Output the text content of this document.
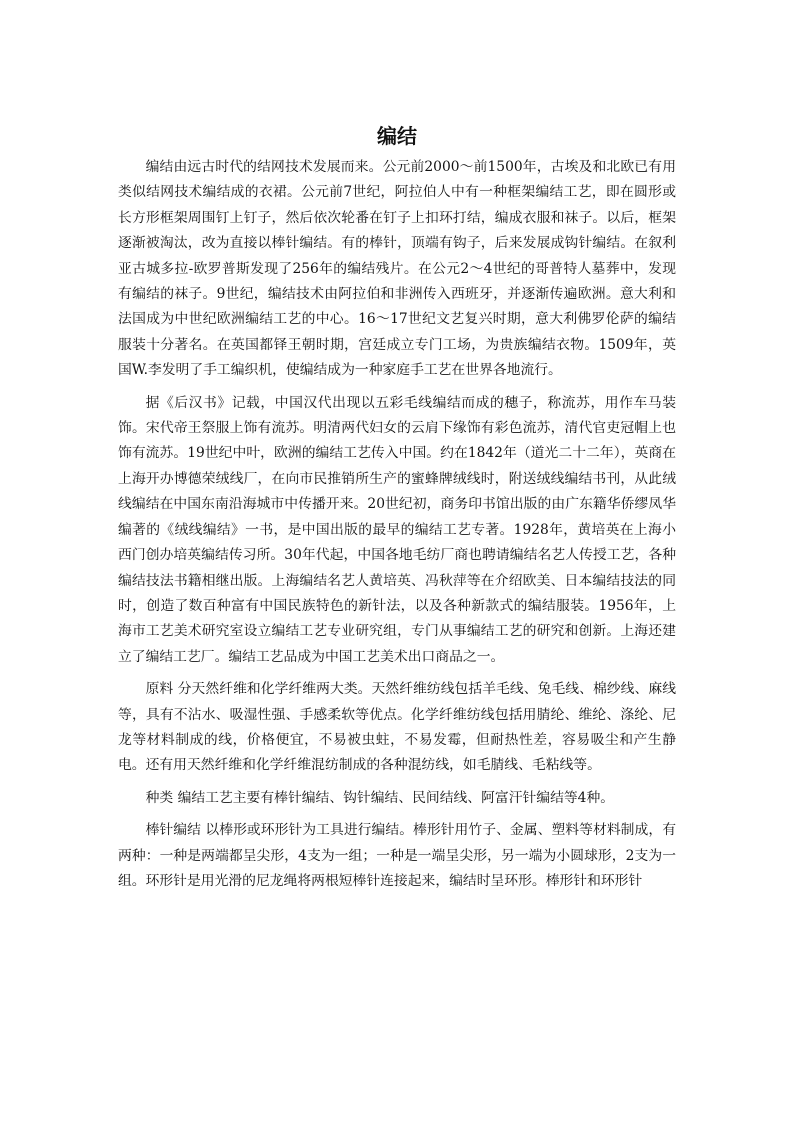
编结

编结由远古时代的结网技术发展而来。公元前2000～前1500年，古埃及和北欧已有用类似结网技术编结成的衣裙。公元前7世纪，阿拉伯人中有一种框架编结工艺，即在圆形或长方形框架周围钉上钉子，然后依次轮番在钉子上扣环打结，编成衣服和袜子。以后，框架逐渐被淘汰，改为直接以棒针编结。有的棒针，顶端有钩子，后来发展成钩针编结。在叙利亚古城多拉-欧罗普斯发现了256年的编结残片。在公元2～4世纪的哥普特人墓葬中，发现有编结的袜子。9世纪，编结技术由阿拉伯和非洲传入西班牙，并逐渐传遍欧洲。意大利和法国成为中世纪欧洲编结工艺的中心。16～17世纪文艺复兴时期，意大利佛罗伦萨的编结服装十分著名。在英国都铎王朝时期，宫廷成立专门工场，为贵族编结衣物。1509年，英国W.李发明了手工编织机，使编结成为一种家庭手工艺在世界各地流行。

据《后汉书》记载，中国汉代出现以五彩毛线编结而成的穗子，称流苏，用作车马装饰。宋代帝王祭服上饰有流苏。明清两代妇女的云肩下缘饰有彩色流苏，清代官吏冠帽上也饰有流苏。19世纪中叶，欧洲的编结工艺传入中国。约在1842年（道光二十二年），英商在上海开办博德荣绒线厂，在向市民推销所生产的蜜蜂牌绒线时，附送绒线编结书刊，从此绒线编结在中国东南沿海城市中传播开来。20世纪初，商务印书馆出版的由广东籍华侨缪凤华编著的《绒线编结》一书，是中国出版的最早的编结工艺专著。1928年，黄培英在上海小西门创办培英编结传习所。30年代起，中国各地毛纺厂商也聘请编结名艺人传授工艺，各种编结技法书籍相继出版。上海编结名艺人黄培英、冯秋萍等在介绍欧美、日本编结技法的同时，创造了数百种富有中国民族特色的新针法，以及各种新款式的编结服装。1956年，上海市工艺美术研究室设立编结工艺专业研究组，专门从事编结工艺的研究和创新。上海还建立了编结工艺厂。编结工艺品成为中国工艺美术出口商品之一。

原料 分天然纤维和化学纤维两大类。天然纤维纺线包括羊毛线、兔毛线、棉纱线、麻线等，具有不沾水、吸湿性强、手感柔软等优点。化学纤维纺线包括用腈纶、维纶、涤纶、尼龙等材料制成的线，价格便宜，不易被虫蛀，不易发霉，但耐热性差，容易吸尘和产生静电。还有用天然纤维和化学纤维混纺制成的各种混纺线，如毛腈线、毛粘线等。

种类 编结工艺主要有棒针编结、钩针编结、民间结线、阿富汗针编结等4种。

棒针编结 以棒形或环形针为工具进行编结。棒形针用竹子、金属、塑料等材料制成，有两种：一种是两端都呈尖形，4支为一组；一种是一端呈尖形，另一端为小圆球形，2支为一组。环形针是用光滑的尼龙绳将两根短棒针连接起来，编结时呈环形。棒形针和环形针
